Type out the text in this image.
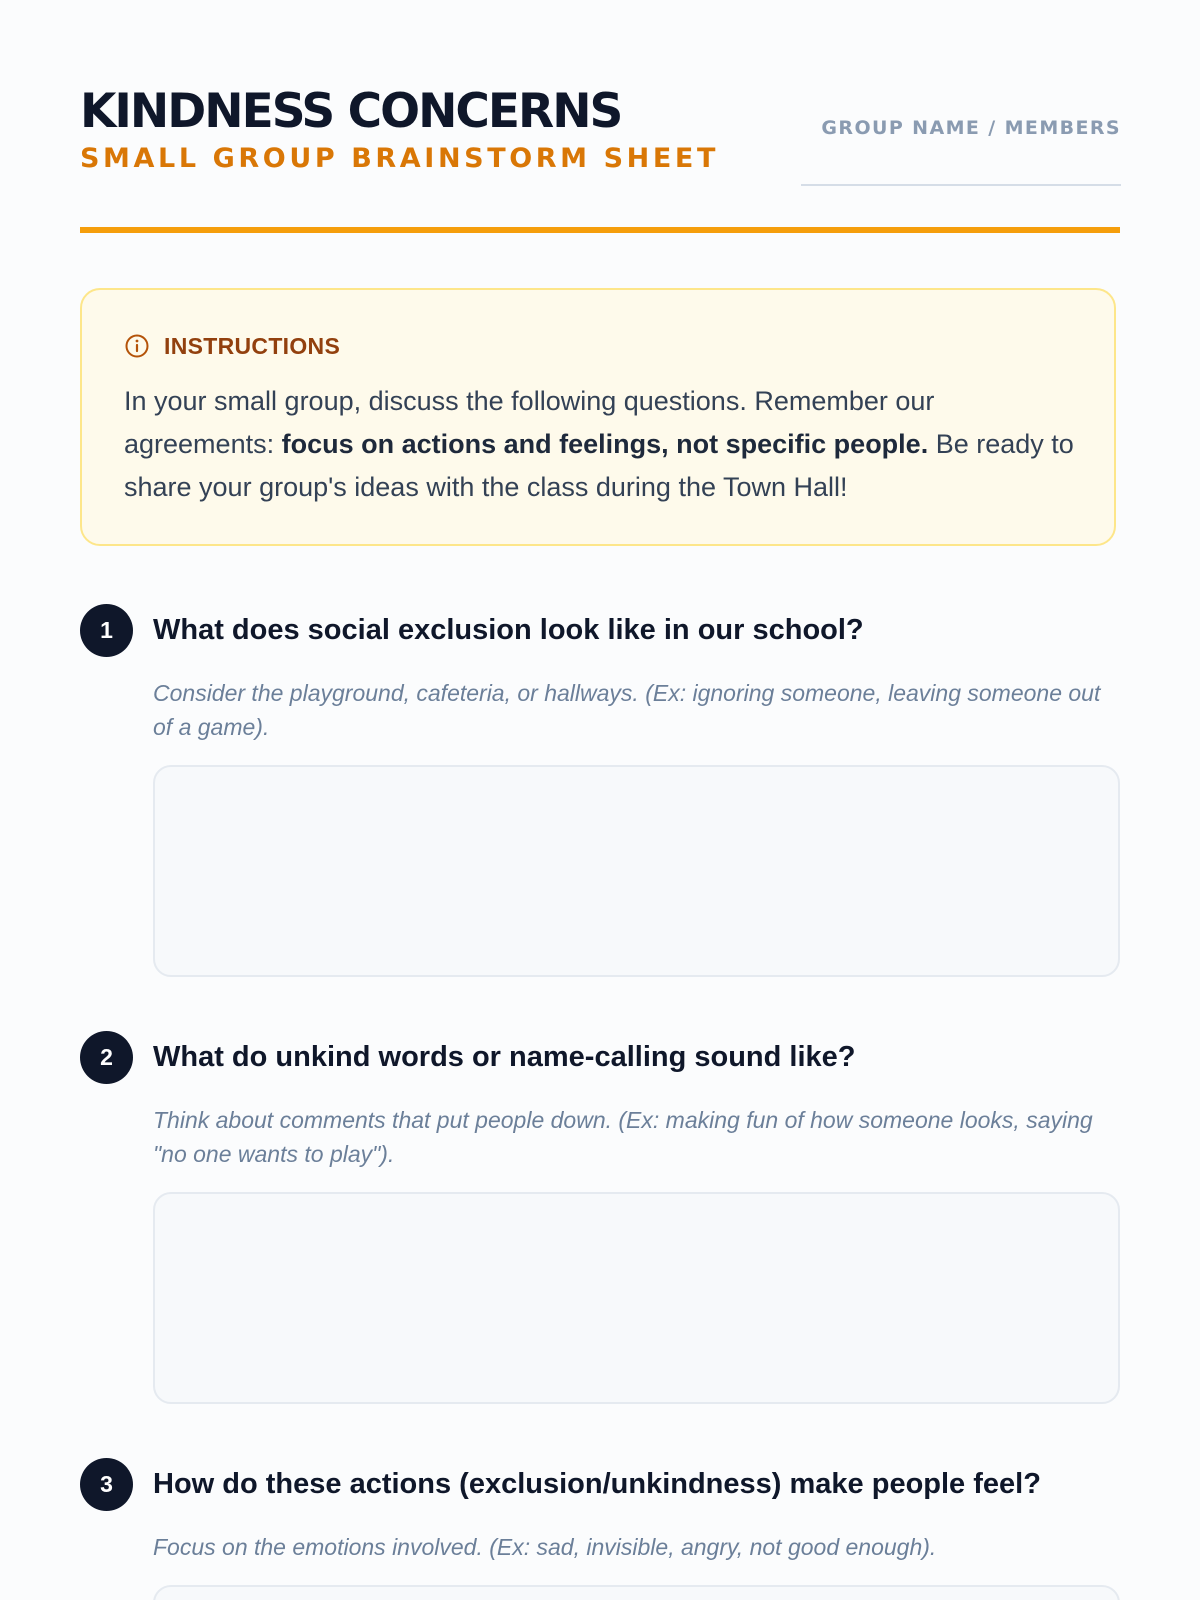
KINDNESS CONCERNS
SMALL GROUP BRAINSTORM SHEET
GROUP NAME / MEMBERS
INSTRUCTIONS

In your small group, discuss the following questions. Remember our agreements: focus on actions and feelings, not specific people. Be ready to share your group's ideas with the class during the Town Hall!

1	What does social exclusion look like in our school?

Consider the playground, cafeteria, or hallways. (Ex: ignoring someone, leaving someone out of a game).

2	What do unkind words or name-calling sound like?

Think about comments that put people down. (Ex: making fun of how someone looks, saying "no one wants to play").

3	How do these actions (exclusion/unkindness) make people feel?

Focus on the emotions involved. (Ex: sad, invisible, angry, not good enough).
